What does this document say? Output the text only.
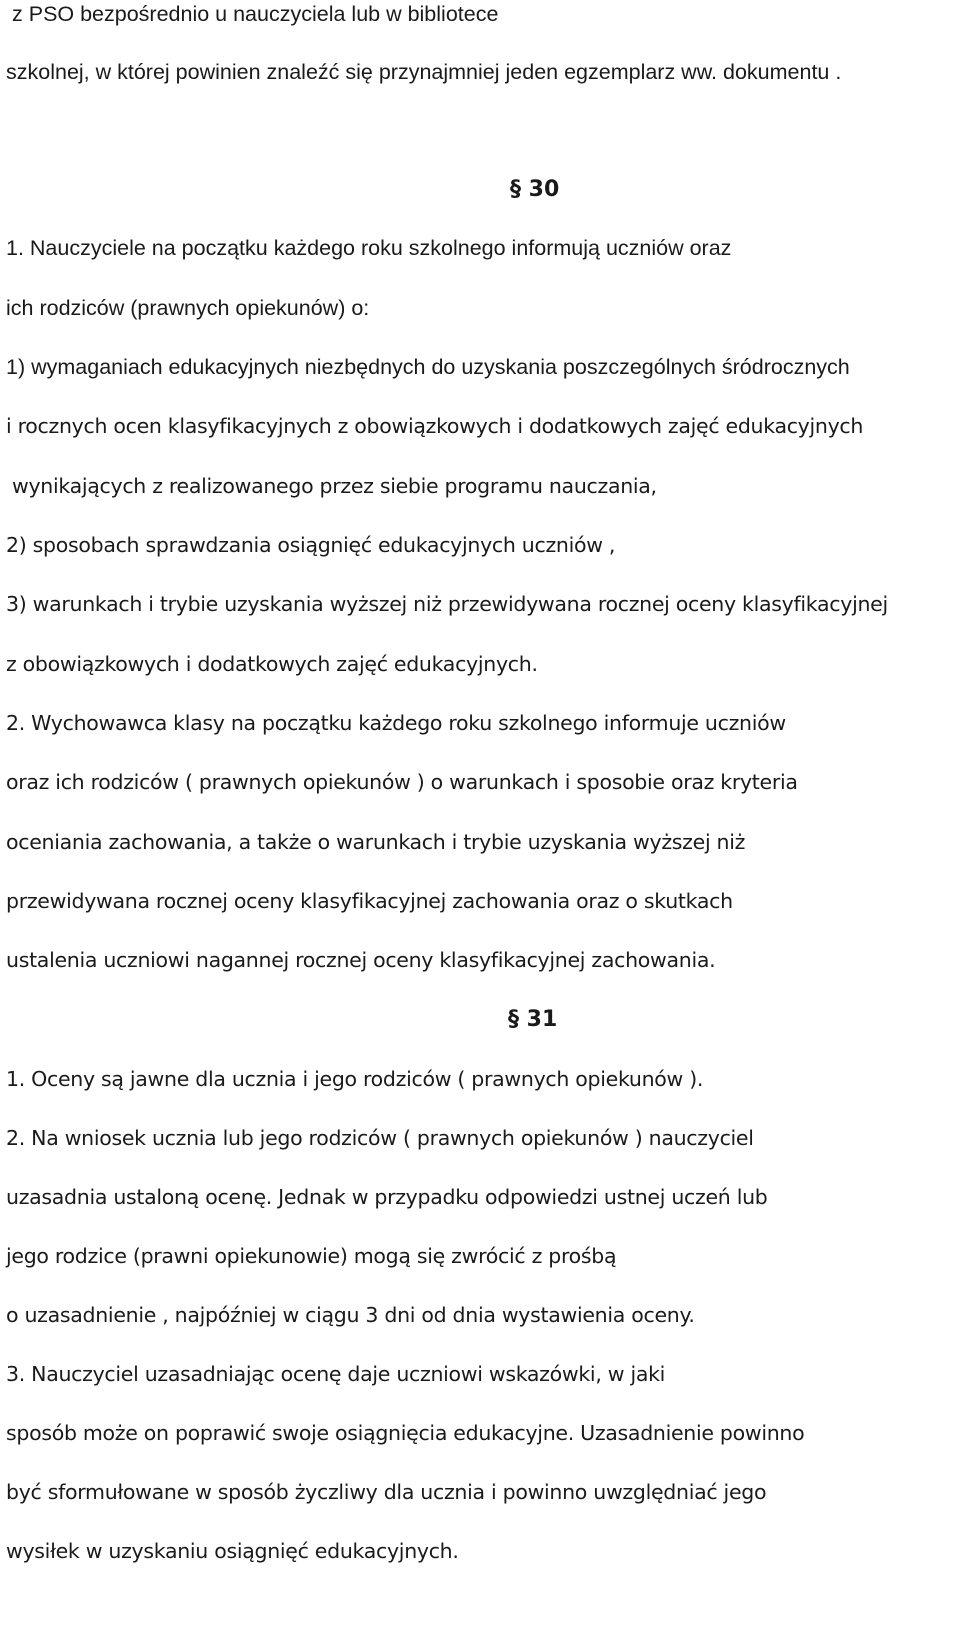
z PSO bezpośrednio u nauczyciela lub w bibliotece
szkolnej, w której powinien znaleźć się przynajmniej jeden egzemplarz ww. dokumentu .
§ 30
1. Nauczyciele na początku każdego roku szkolnego informują uczniów oraz
ich rodziców (prawnych opiekunów) o:
1) wymaganiach edukacyjnych niezbędnych do uzyskania poszczególnych śródrocznych
i rocznych ocen klasyfikacyjnych z obowiązkowych i dodatkowych zajęć edukacyjnych
wynikających z realizowanego przez siebie programu nauczania,
2) sposobach sprawdzania osiągnięć edukacyjnych uczniów ,
3) warunkach i trybie uzyskania wyższej niż przewidywana rocznej oceny klasyfikacyjnej
z obowiązkowych i dodatkowych zajęć edukacyjnych.
2. Wychowawca klasy na początku każdego roku szkolnego informuje uczniów
oraz ich rodziców ( prawnych opiekunów ) o warunkach i sposobie oraz kryteria
oceniania zachowania, a także o warunkach i trybie uzyskania wyższej niż
przewidywana rocznej oceny klasyfikacyjnej zachowania oraz o skutkach
ustalenia uczniowi nagannej rocznej oceny klasyfikacyjnej zachowania.
§ 31
1. Oceny są jawne dla ucznia i jego rodziców ( prawnych opiekunów ).
2. Na wniosek ucznia lub jego rodziców ( prawnych opiekunów ) nauczyciel
uzasadnia ustaloną ocenę. Jednak w przypadku odpowiedzi ustnej uczeń lub
jego rodzice (prawni opiekunowie) mogą się zwrócić z prośbą
o uzasadnienie , najpóźniej w ciągu 3 dni od dnia wystawienia oceny.
3. Nauczyciel uzasadniając ocenę daje uczniowi wskazówki, w jaki
sposób może on poprawić swoje osiągnięcia edukacyjne. Uzasadnienie powinno
być sformułowane w sposób życzliwy dla ucznia i powinno uwzględniać jego
wysiłek w uzyskaniu osiągnięć edukacyjnych.
